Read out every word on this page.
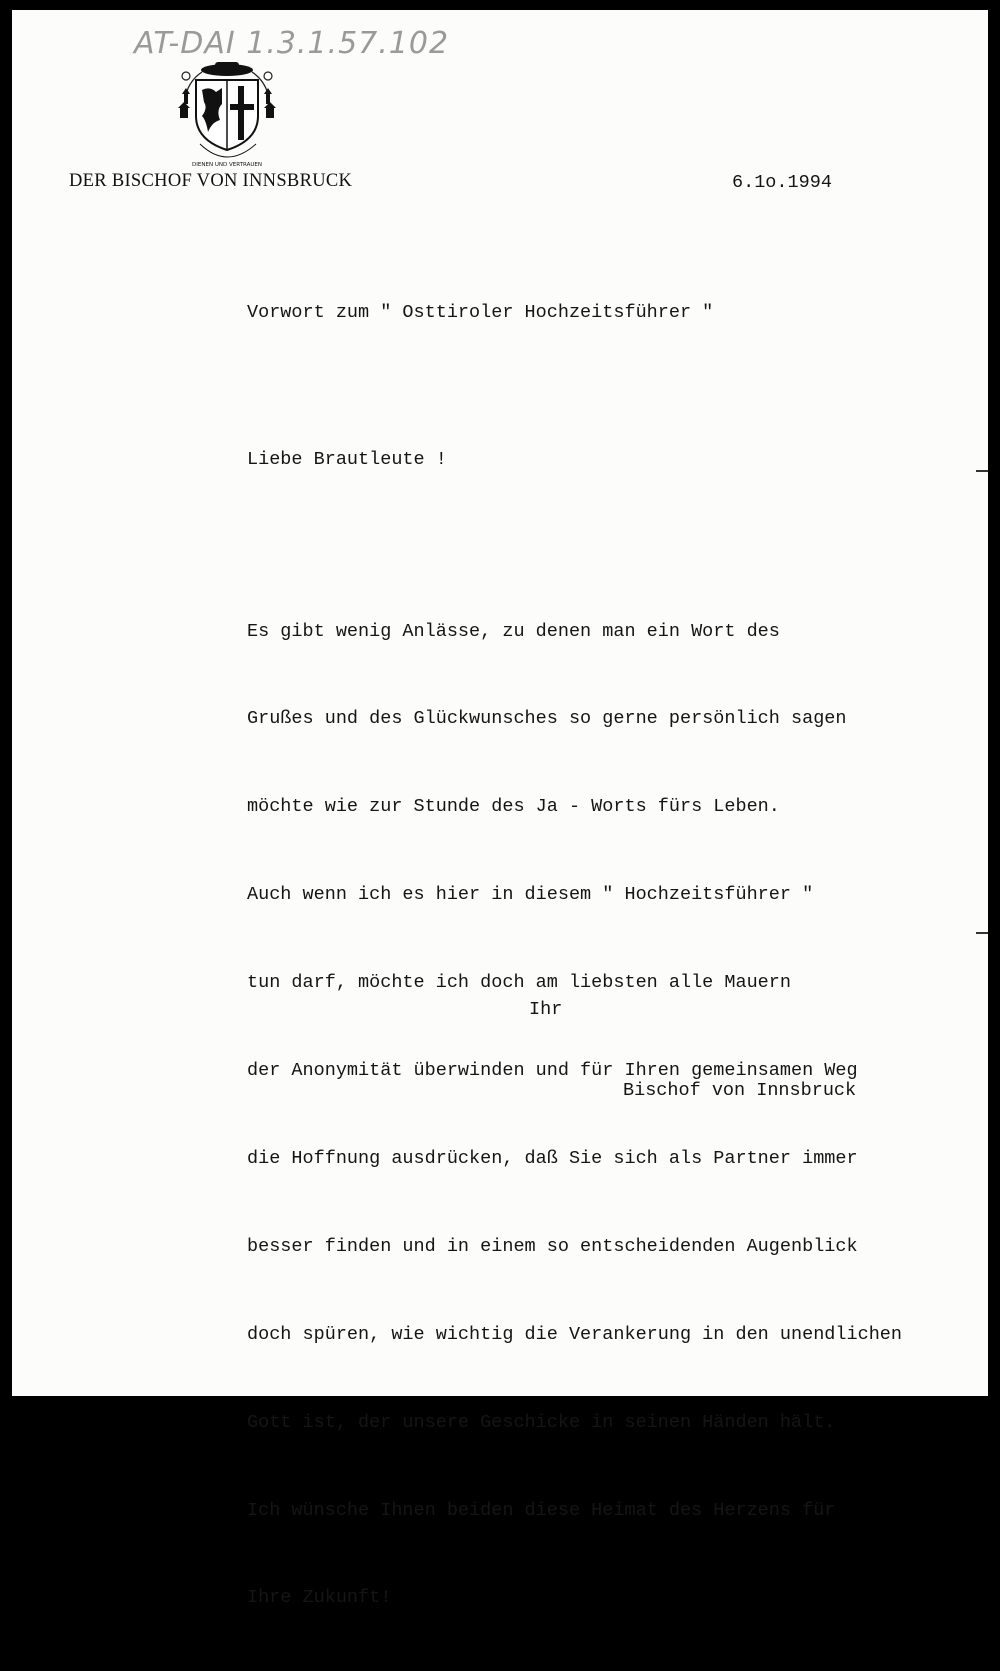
AT-DAI 1.3.1.57.102
DIENEN UND VERTRAUEN
DER BISCHOF VON INNSBRUCK	6.1o.1994
Vorwort zum " Osttiroler Hochzeitsführer "
Liebe Brautleute !

Es gibt wenig Anlässe, zu denen man ein Wort des

Grußes und des Glückwunsches so gerne persönlich sagen

möchte wie zur Stunde des Ja - Worts fürs Leben.

Auch wenn ich es hier in diesem " Hochzeitsführer "

tun darf, möchte ich doch am liebsten alle Mauern

der Anonymität überwinden und für Ihren gemeinsamen Weg

die Hoffnung ausdrücken, daß Sie sich als Partner immer

besser finden und in einem so entscheidenden Augenblick

doch spüren, wie wichtig die Verankerung in den unendlichen

Gott ist, der unsere Geschicke in seinen Händen hält.

Ich wünsche Ihnen beiden diese Heimat des Herzens für

Ihre Zukunft!

Ihr
Bischof von Innsbruck
